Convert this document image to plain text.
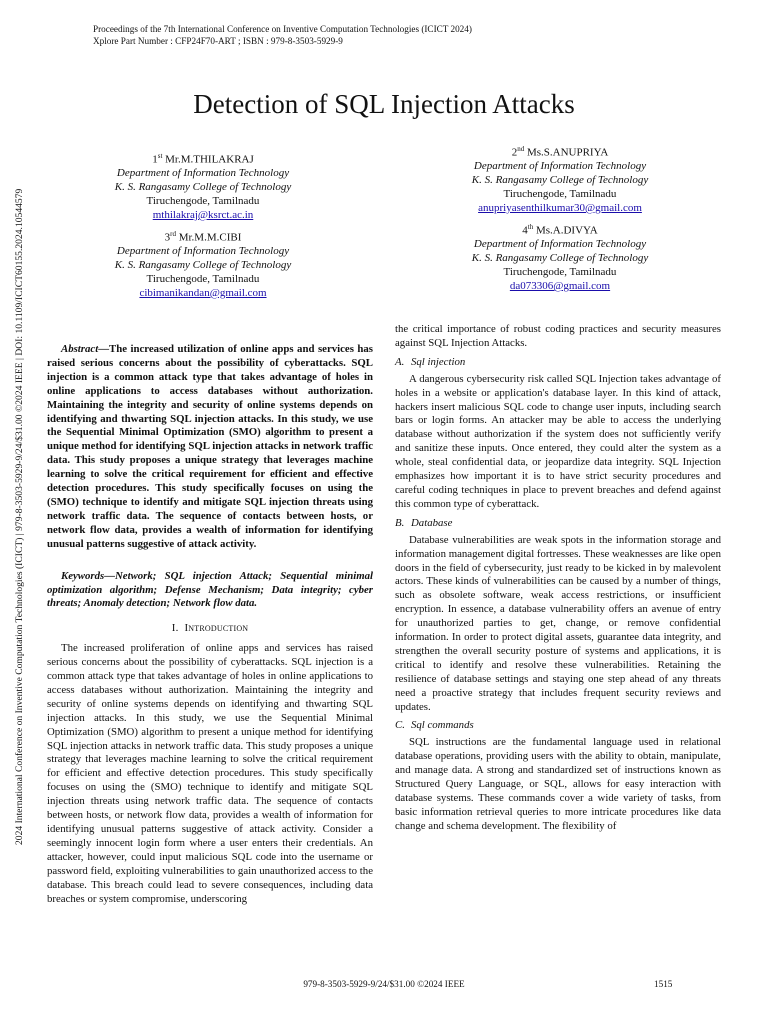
Proceedings of the 7th International Conference on Inventive Computation Technologies (ICICT 2024)
Xplore Part Number : CFP24F70-ART ; ISBN : 979-8-3503-5929-9
2024 International Conference on Inventive Computation Technologies (ICICT) | 979-8-3503-5929-9/24/$31.00 ©2024 IEEE | DOI: 10.1109/ICICT60155.2024.10544579
Detection of SQL Injection Attacks
1st Mr.M.THILAKRAJ
Department of Information Technology
K. S. Rangasamy College of Technology
Tiruchengode, Tamilnadu
mthilakraj@ksrct.ac.in
2nd Ms.S.ANUPRIYA
Department of Information Technology
K. S. Rangasamy College of Technology
Tiruchengode, Tamilnadu
anupriyasenthilkumar30@gmail.com
3rd Mr.M.M.CIBI
Department of Information Technology
K. S. Rangasamy College of Technology
Tiruchengode, Tamilnadu
cibimanikandan@gmail.com
4th Ms.A.DIVYA
Department of Information Technology
K. S. Rangasamy College of Technology
Tiruchengode, Tamilnadu
da073306@gmail.com

Abstract—The increased utilization of online apps and services has raised serious concerns about the possibility of cyberattacks. SQL injection is a common attack type that takes advantage of holes in online applications to access databases without authorization. Maintaining the integrity and security of online systems depends on identifying and thwarting SQL injection attacks. In this study, we use the Sequential Minimal Optimization (SMO) algorithm to present a unique method for identifying SQL injection attacks in network traffic data. This study proposes a unique strategy that leverages machine learning to solve the critical requirement for efficient and effective detection procedures. This study specifically focuses on using the (SMO) technique to identify and mitigate SQL injection threats using network traffic data. The sequence of contacts between hosts, or network flow data, provides a wealth of information for identifying unusual patterns suggestive of attack activity.

Keywords—Network; SQL injection Attack; Sequential minimal optimization algorithm; Defense Mechanism; Data integrity; cyber threats; Anomaly detection; Network flow data.

I. Introduction

The increased proliferation of online apps and services has raised serious concerns about the possibility of cyberattacks. SQL injection is a common attack type that takes advantage of holes in online applications to access databases without authorization. Maintaining the integrity and security of online systems depends on identifying and thwarting SQL injection attacks. In this study, we use the Sequential Minimal Optimization (SMO) algorithm to present a unique method for identifying SQL injection attacks in network traffic data. This study proposes a unique strategy that leverages machine learning to solve the critical requirement for efficient and effective detection procedures. This study specifically focuses on using the (SMO) technique to identify and mitigate SQL injection threats using network traffic data. The sequence of contacts between hosts, or network flow data, provides a wealth of information for identifying unusual patterns suggestive of attack activity. Consider a seemingly innocent login form where a user enters their credentials. An attacker, however, could input malicious SQL code into the username or password field, exploiting vulnerabilities to gain unauthorized access to the database. This breach could lead to severe consequences, including data breaches or system compromise, underscoring

the critical importance of robust coding practices and security measures against SQL Injection Attacks.

A. Sql injection

A dangerous cybersecurity risk called SQL Injection takes advantage of holes in a website or application's database layer. In this kind of attack, hackers insert malicious SQL code to change user inputs, including search bars or login forms. An attacker may be able to access the underlying database without authorization if the system does not sufficiently verify and sanitize these inputs. Once entered, they could alter the system as a whole, steal confidential data, or jeopardize data integrity. SQL Injection emphasizes how important it is to have strict security procedures and careful coding techniques in place to prevent breaches and defend against this common type of cyberattack.

B. Database

Database vulnerabilities are weak spots in the information storage and information management digital fortresses. These weaknesses are like open doors in the field of cybersecurity, just ready to be kicked in by malevolent actors. These kinds of vulnerabilities can be caused by a number of things, such as obsolete software, weak access restrictions, or insufficient encryption. In essence, a database vulnerability offers an avenue of entry for unauthorized parties to get, change, or remove confidential information. In order to protect digital assets, guarantee data integrity, and strengthen the overall security posture of systems and applications, it is critical to identify and resolve these vulnerabilities. Retaining the resilience of database settings and staying one step ahead of any threats need a proactive strategy that includes frequent security reviews and updates.

C. Sql commands

SQL instructions are the fundamental language used in relational database operations, providing users with the ability to obtain, manipulate, and manage data. A strong and standardized set of instructions known as Structured Query Language, or SQL, allows for easy interaction with database systems. These commands cover a wide variety of tasks, from basic information retrieval queries to more intricate procedures like data change and schema development. The flexibility of

979-8-3503-5929-9/24/$31.00 ©2024 IEEE	1515
